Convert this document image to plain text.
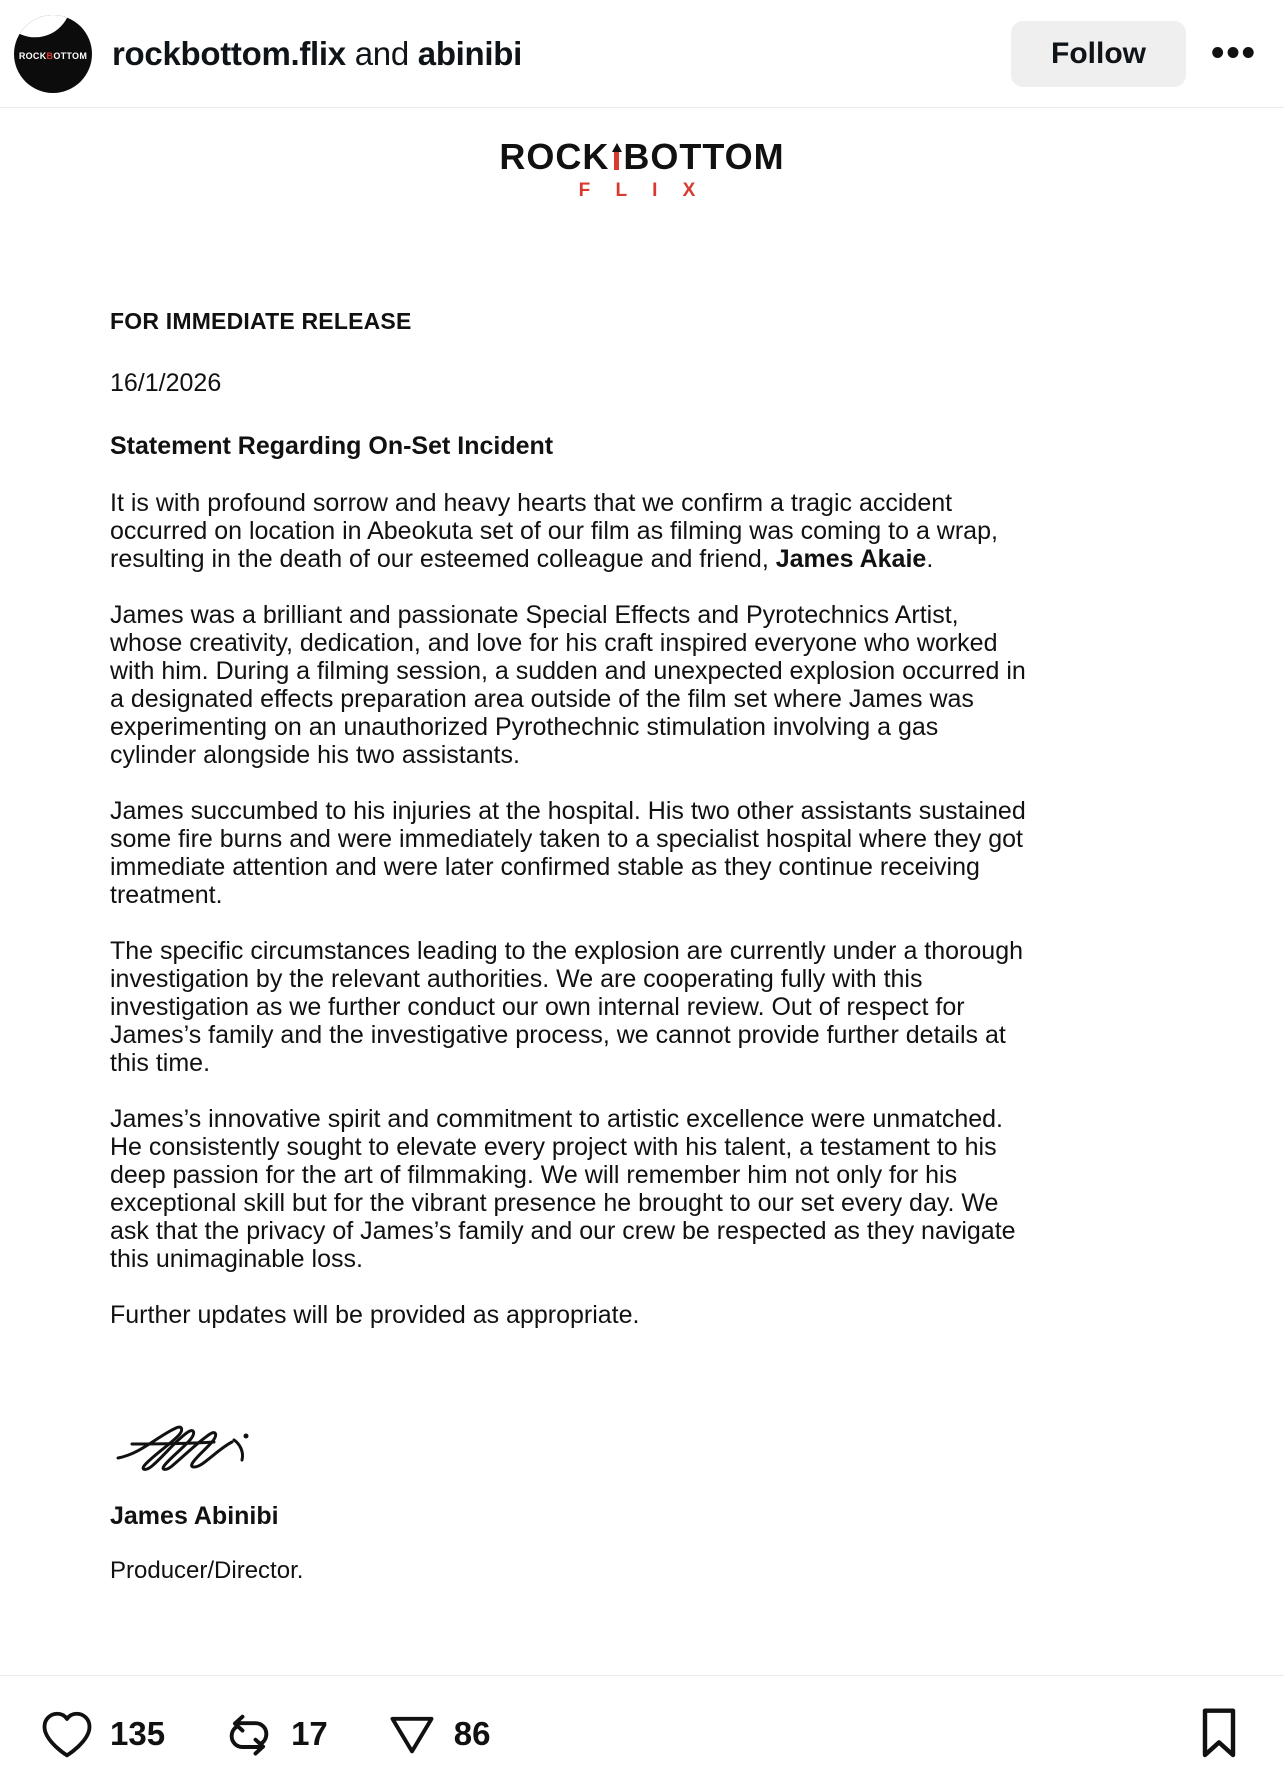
ROCKBOTTOM rockbottom.flix and abinibi	Follow	•••
ROCK BOTTOM
F L I X
FOR IMMEDIATE RELEASE
16/1/2026
Statement Regarding On-Set Incident

It is with profound sorrow and heavy hearts that we confirm a tragic accident occurred on location in Abeokuta set of our film as filming was coming to a wrap, resulting in the death of our esteemed colleague and friend, James Akaie.

James was a brilliant and passionate Special Effects and Pyrotechnics Artist, whose creativity, dedication, and love for his craft inspired everyone who worked with him. During a filming session, a sudden and unexpected explosion occurred in a designated effects preparation area outside of the film set where James was experimenting on an unauthorized Pyrothechnic stimulation involving a gas cylinder alongside his two assistants.

James succumbed to his injuries at the hospital. His two other assistants sustained some fire burns and were immediately taken to a specialist hospital where they got immediate attention and were later confirmed stable as they continue receiving treatment.

The specific circumstances leading to the explosion are currently under a thorough investigation by the relevant authorities. We are cooperating fully with this investigation as we further conduct our own internal review. Out of respect for James’s family and the investigative process, we cannot provide further details at this time.

James’s innovative spirit and commitment to artistic excellence were unmatched. He consistently sought to elevate every project with his talent, a testament to his deep passion for the art of filmmaking. We will remember him not only for his exceptional skill but for the vibrant presence he brought to our set every day. We ask that the privacy of James’s family and our crew be respected as they navigate this unimaginable loss.

Further updates will be provided as appropriate.

James Abinibi
Producer/Director.
135	17	86
